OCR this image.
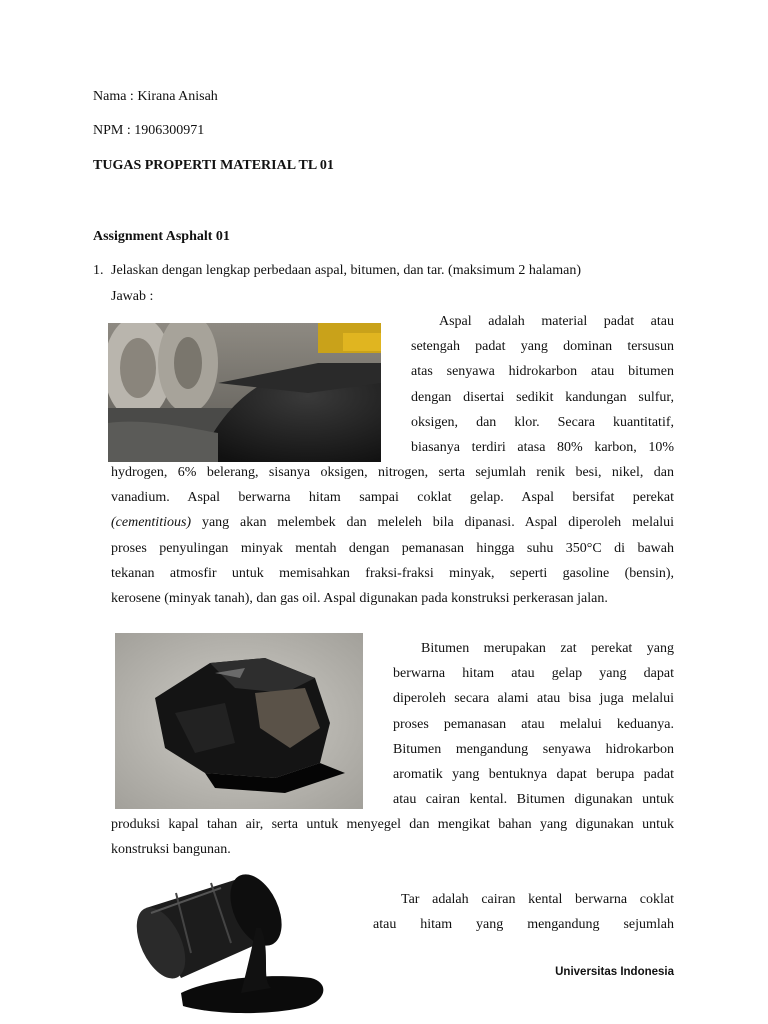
Nama : Kirana Anisah
NPM : 1906300971
TUGAS PROPERTI MATERIAL TL 01
Assignment Asphalt 01
1. Jelaskan dengan lengkap perbedaan aspal, bitumen, dan tar. (maksimum 2 halaman)
Jawab :
Aspal adalah material padat atau
setengah padat yang dominan tersusun
atas senyawa hidrokarbon atau bitumen
dengan disertai sedikit kandungan sulfur,
oksigen, dan klor. Secara kuantitatif,
biasanya terdiri atasa 80% karbon, 10%
hydrogen, 6% belerang, sisanya oksigen, nitrogen, serta sejumlah renik besi, nikel, dan
vanadium. Aspal berwarna hitam sampai coklat gelap. Aspal bersifat perekat
(cementitious) yang akan melembek dan meleleh bila dipanasi. Aspal diperoleh melalui
proses penyulingan minyak mentah dengan pemanasan hingga suhu 350°C di bawah
tekanan atmosfir untuk memisahkan fraksi-fraksi minyak, seperti gasoline (bensin),
kerosene (minyak tanah), dan gas oil. Aspal digunakan pada konstruksi perkerasan jalan.
Bitumen merupakan zat perekat yang
berwarna hitam atau gelap yang dapat
diperoleh secara alami atau bisa juga melalui
proses pemanasan atau melalui keduanya.
Bitumen mengandung senyawa hidrokarbon
aromatik yang bentuknya dapat berupa padat
atau cairan kental. Bitumen digunakan untuk
produksi kapal tahan air, serta untuk menyegel dan mengikat bahan yang digunakan untuk
konstruksi bangunan.
Tar adalah cairan kental berwarna coklat
atau hitam yang mengandung sejumlah
Universitas Indonesia
